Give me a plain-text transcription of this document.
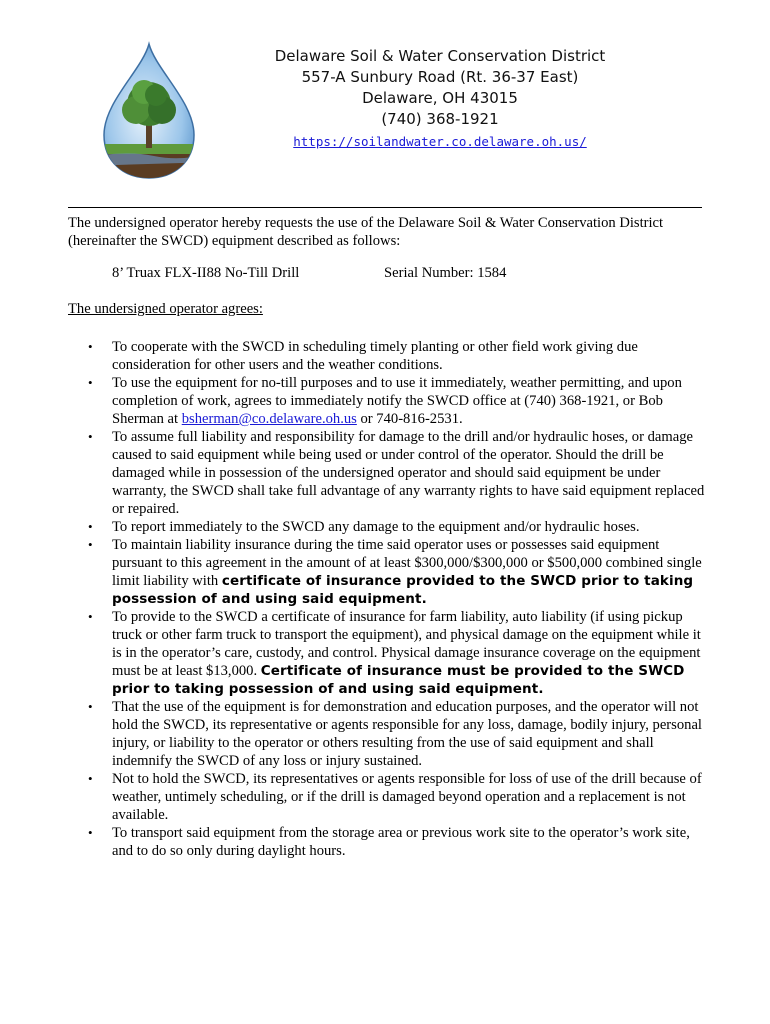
Delaware Soil & Water Conservation District
557-A Sunbury Road (Rt. 36-37 East)
Delaware, OH 43015
(740) 368-1921
https://soilandwater.co.delaware.oh.us/

The undersigned operator hereby requests the use of the Delaware Soil & Water Conservation District (hereinafter the SWCD) equipment described as follows:

8’ Truax FLX-II88 No-Till Drill	Serial Number: 1584

The undersigned operator agrees:

• To cooperate with the SWCD in scheduling timely planting or other field work giving due consideration for other users and the weather conditions.
• To use the equipment for no-till purposes and to use it immediately, weather permitting, and upon completion of work, agrees to immediately notify the SWCD office at (740) 368-1921, or Bob Sherman at bsherman@co.delaware.oh.us or 740-816-2531.
• To assume full liability and responsibility for damage to the drill and/or hydraulic hoses, or damage caused to said equipment while being used or under control of the operator. Should the drill be damaged while in possession of the undersigned operator and should said equipment be under warranty, the SWCD shall take full advantage of any warranty rights to have said equipment replaced or repaired.
• To report immediately to the SWCD any damage to the equipment and/or hydraulic hoses.
• To maintain liability insurance during the time said operator uses or possesses said equipment pursuant to this agreement in the amount of at least $300,000/$300,000 or $500,000 combined single limit liability with certificate of insurance provided to the SWCD prior to taking possession of and using said equipment.
• To provide to the SWCD a certificate of insurance for farm liability, auto liability (if using pickup truck or other farm truck to transport the equipment), and physical damage on the equipment while it is in the operator’s care, custody, and control. Physical damage insurance coverage on the equipment must be at least $13,000. Certificate of insurance must be provided to the SWCD prior to taking possession of and using said equipment.
• That the use of the equipment is for demonstration and education purposes, and the operator will not hold the SWCD, its representative or agents responsible for any loss, damage, bodily injury, personal injury, or liability to the operator or others resulting from the use of said equipment and shall indemnify the SWCD of any loss or injury sustained.
• Not to hold the SWCD, its representatives or agents responsible for loss of use of the drill because of weather, untimely scheduling, or if the drill is damaged beyond operation and a replacement is not available.
• To transport said equipment from the storage area or previous work site to the operator’s work site, and to do so only during daylight hours.
